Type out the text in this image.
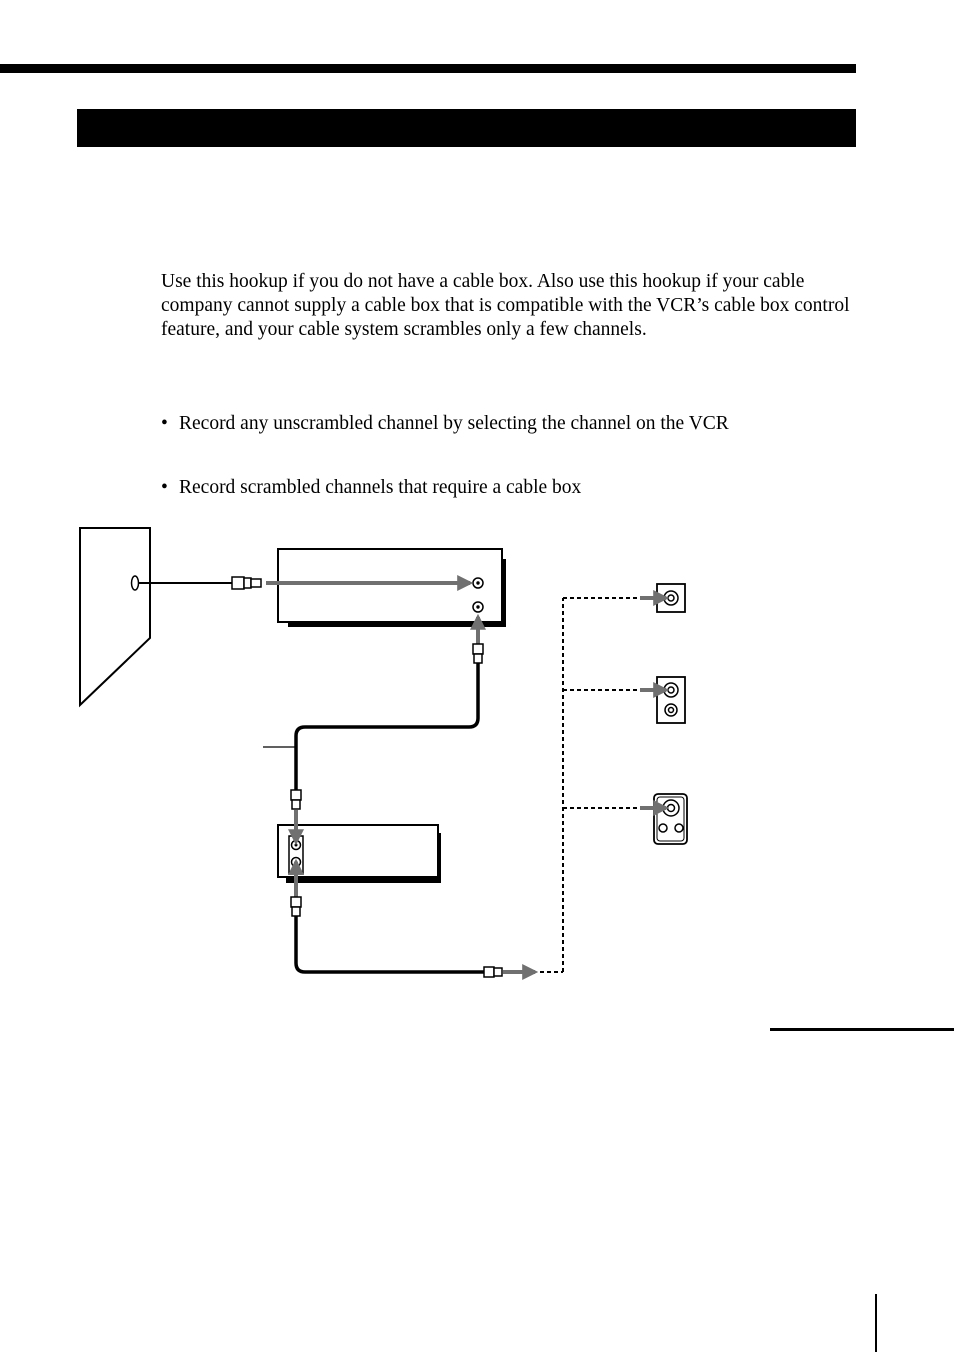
Use this hookup if you do not have a cable box. Also use this hookup if your cable company cannot supply a cable box that is compatible with the VCR’s cable box control feature, and your cable system scrambles only a few channels.

• Record any unscrambled channel by selecting the channel on the VCR

• Record scrambled channels that require a cable box
